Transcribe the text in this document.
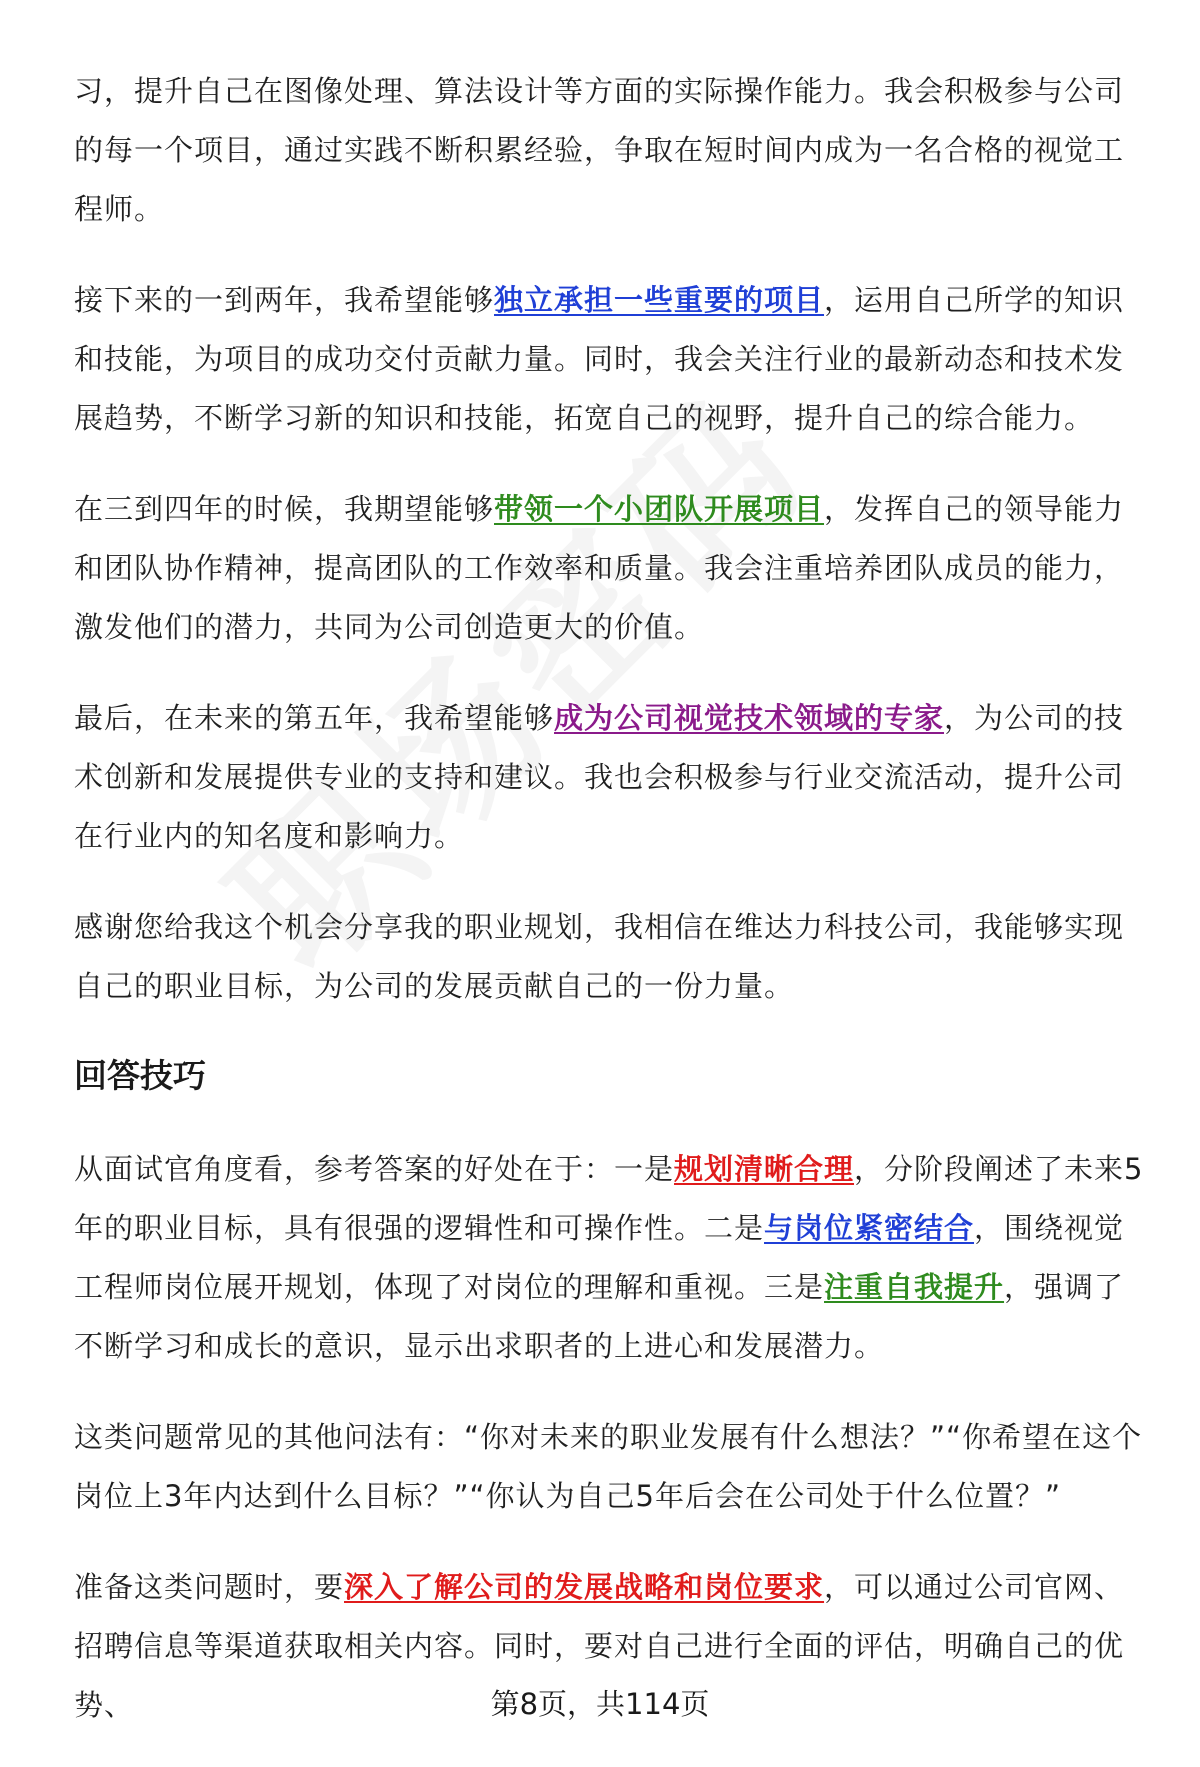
习，提升自己在图像处理、算法设计等方面的实际操作能力。我会积极参与公司的每一个项目，通过实践不断积累经验，争取在短时间内成为一名合格的视觉工程师。

接下来的一到两年，我希望能够独立承担一些重要的项目，运用自己所学的知识和技能，为项目的成功交付贡献力量。同时，我会关注行业的最新动态和技术发展趋势，不断学习新的知识和技能，拓宽自己的视野，提升自己的综合能力。

在三到四年的时候，我期望能够带领一个小团队开展项目，发挥自己的领导能力和团队协作精神，提高团队的工作效率和质量。我会注重培养团队成员的能力，激发他们的潜力，共同为公司创造更大的价值。

最后，在未来的第五年，我希望能够成为公司视觉技术领域的专家，为公司的技术创新和发展提供专业的支持和建议。我也会积极参与行业交流活动，提升公司在行业内的知名度和影响力。

感谢您给我这个机会分享我的职业规划，我相信在维达力科技公司，我能够实现自己的职业目标，为公司的发展贡献自己的一份力量。

回答技巧

从面试官角度看，参考答案的好处在于：一是规划清晰合理，分阶段阐述了未来5年的职业目标，具有很强的逻辑性和可操作性。二是与岗位紧密结合，围绕视觉工程师岗位展开规划，体现了对岗位的理解和重视。三是注重自我提升，强调了不断学习和成长的意识，显示出求职者的上进心和发展潜力。

这类问题常见的其他问法有：“你对未来的职业发展有什么想法？”“你希望在这个岗位上3年内达到什么目标？”“你认为自己5年后会在公司处于什么位置？”

准备这类问题时，要深入了解公司的发展战略和岗位要求，可以通过公司官网、招聘信息等渠道获取相关内容。同时，要对自己进行全面的评估，明确自己的优势、	第8页，共114页
